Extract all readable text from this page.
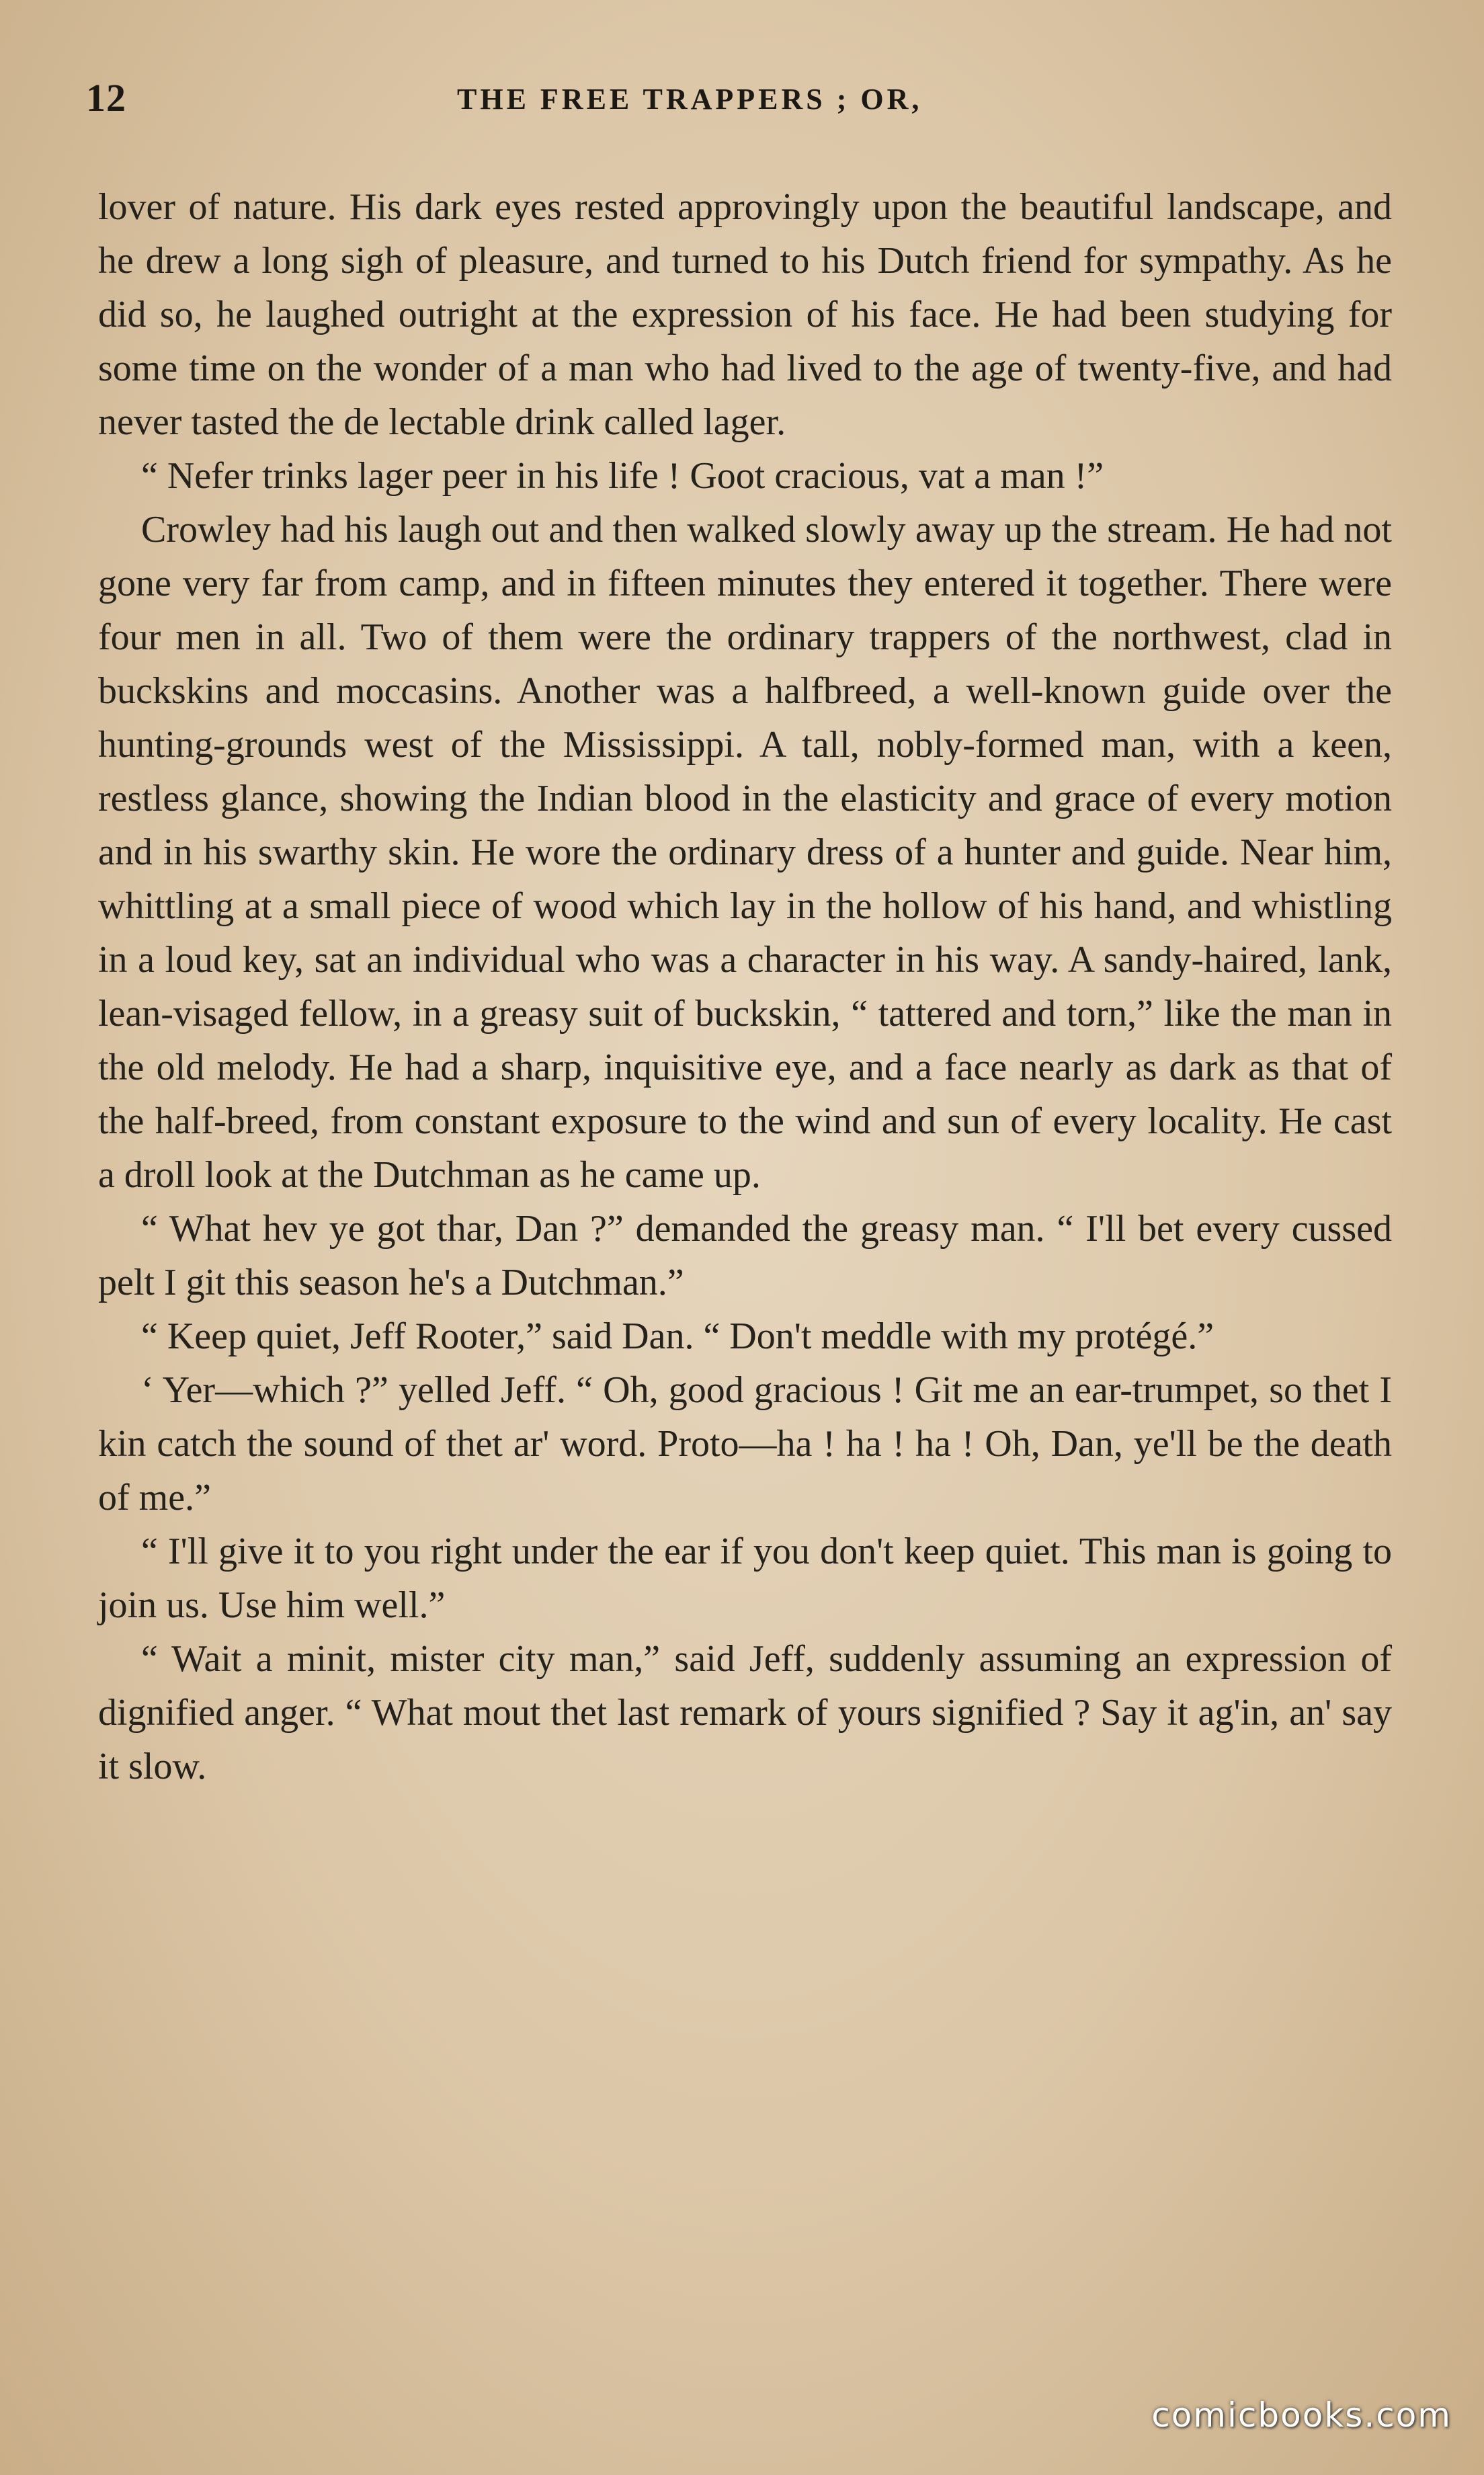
12	THE FREE TRAPPERS ; OR,

lover of nature. His dark eyes rested approvingly upon the beautiful landscape, and he drew a long sigh of pleasure, and turned to his Dutch friend for sympathy. As he did so, he laughed outright at the expression of his face. He had been studying for some time on the wonder of a man who had lived to the age of twenty-five, and had never tasted the de lectable drink called lager.

“ Nefer trinks lager peer in his life ! Goot cracious, vat a man !”

Crowley had his laugh out and then walked slowly away up the stream. He had not gone very far from camp, and in fifteen minutes they entered it together. There were four men in all. Two of them were the ordinary trappers of the northwest, clad in buckskins and moccasins. Another was a halfbreed, a well-known guide over the hunting-grounds west of the Mississippi. A tall, nobly-formed man, with a keen, restless glance, showing the Indian blood in the elasticity and grace of every motion and in his swarthy skin. He wore the ordinary dress of a hunter and guide. Near him, whittling at a small piece of wood which lay in the hollow of his hand, and whistling in a loud key, sat an individual who was a character in his way. A sandy-haired, lank, lean-visaged fellow, in a greasy suit of buckskin, “ tattered and torn,” like the man in the old melody. He had a sharp, inquisitive eye, and a face nearly as dark as that of the half-breed, from constant exposure to the wind and sun of every locality. He cast a droll look at the Dutchman as he came up.

“ What hev ye got thar, Dan ?” demanded the greasy man. “ I'll bet every cussed pelt I git this season he's a Dutchman.”

“ Keep quiet, Jeff Rooter,” said Dan. “ Don't meddle with my protégé.”

‘ Yer—which ?” yelled Jeff. “ Oh, good gracious ! Git me an ear-trumpet, so thet I kin catch the sound of thet ar' word. Proto—ha ! ha ! ha ! Oh, Dan, ye'll be the death of me.”

“ I'll give it to you right under the ear if you don't keep quiet. This man is going to join us. Use him well.”

“ Wait a minit, mister city man,” said Jeff, suddenly assuming an expression of dignified anger. “ What mout thet last remark of yours signified ? Say it ag'in, an' say it slow.

comicbooks.com
